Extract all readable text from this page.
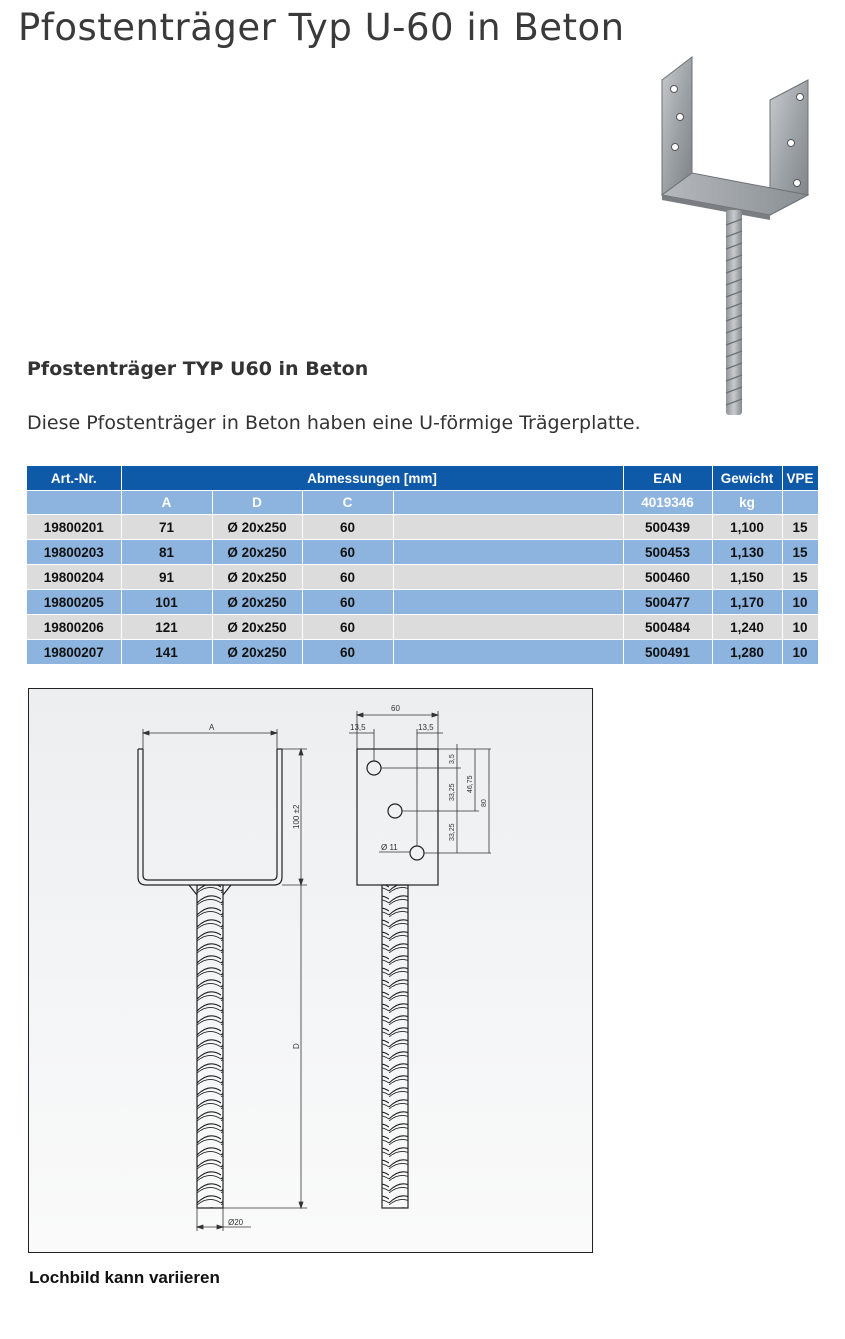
Pfostenträger Typ U-60 in Beton
Pfostenträger TYP U60 in Beton

Diese Pfostenträger in Beton haben eine U-förmige Trägerplatte.

Art.-Nr.	Abmessungen [mm]				EAN	Gewicht	VPE
	A	D	C		4019346	kg	
19800201	71	Ø 20x250	60		500439	1,100	15
19800203	81	Ø 20x250	60		500453	1,130	15
19800204	91	Ø 20x250	60		500460	1,150	15
19800205	101	Ø 20x250	60		500477	1,170	10
19800206	121	Ø 20x250	60		500484	1,240	10
19800207	141	Ø 20x250	60		500491	1,280	10
A
100 ±2
D
Ø20
60
13,5	13,5
3,5
33,25 46,75
80
33,25
Ø 11

Lochbild kann variieren
